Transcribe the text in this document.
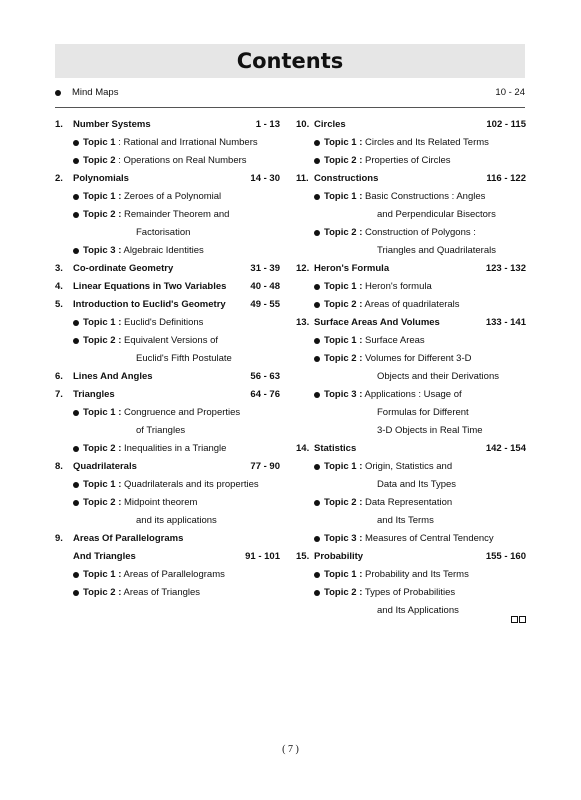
Contents
Mind Maps	10 - 24
1. Number Systems	1 - 13
Topic 1 : Rational and Irrational Numbers
Topic 2 : Operations on Real Numbers
2. Polynomials	14 - 30
Topic 1 : Zeroes of a Polynomial
Topic 2 : Remainder Theorem and
Factorisation
Topic 3 : Algebraic Identities
3. Co-ordinate Geometry	31 - 39
4. Linear Equations in Two Variables	40 - 48
5. Introduction to Euclid's Geometry	49 - 55
Topic 1 : Euclid's Definitions
Topic 2 : Equivalent Versions of
Euclid's Fifth Postulate
6. Lines And Angles	56 - 63
7. Triangles	64 - 76
Topic 1 : Congruence and Properties
of Triangles
Topic 2 : Inequalities in a Triangle
8. Quadrilaterals	77 - 90
Topic 1 : Quadrilaterals and its properties
Topic 2 : Midpoint theorem
and its applications
9. Areas Of Parallelograms
And Triangles	91 - 101
Topic 1 : Areas of Parallelograms
Topic 2 : Areas of Triangles
10. Circles	102 - 115
Topic 1 : Circles and Its Related Terms
Topic 2 : Properties of Circles
11. Constructions	116 - 122
Topic 1 : Basic Constructions : Angles
and Perpendicular Bisectors
Topic 2 : Construction of Polygons :
Triangles and Quadrilaterals
12. Heron's Formula	123 - 132
Topic 1 : Heron's formula
Topic 2 : Areas of quadrilaterals
13. Surface Areas And Volumes	133 - 141
Topic 1 : Surface Areas
Topic 2 : Volumes for Different 3-D
Objects and their Derivations
Topic 3 : Applications : Usage of
Formulas for Different
3-D Objects in Real Time
14. Statistics	142 - 154
Topic 1 : Origin, Statistics and
Data and Its Types
Topic 2 : Data Representation
and Its Terms
Topic 3 : Measures of Central Tendency
15. Probability	155 - 160
Topic 1 : Probability and Its Terms
Topic 2 : Types of Probabilities
and Its Applications
( 7 )
